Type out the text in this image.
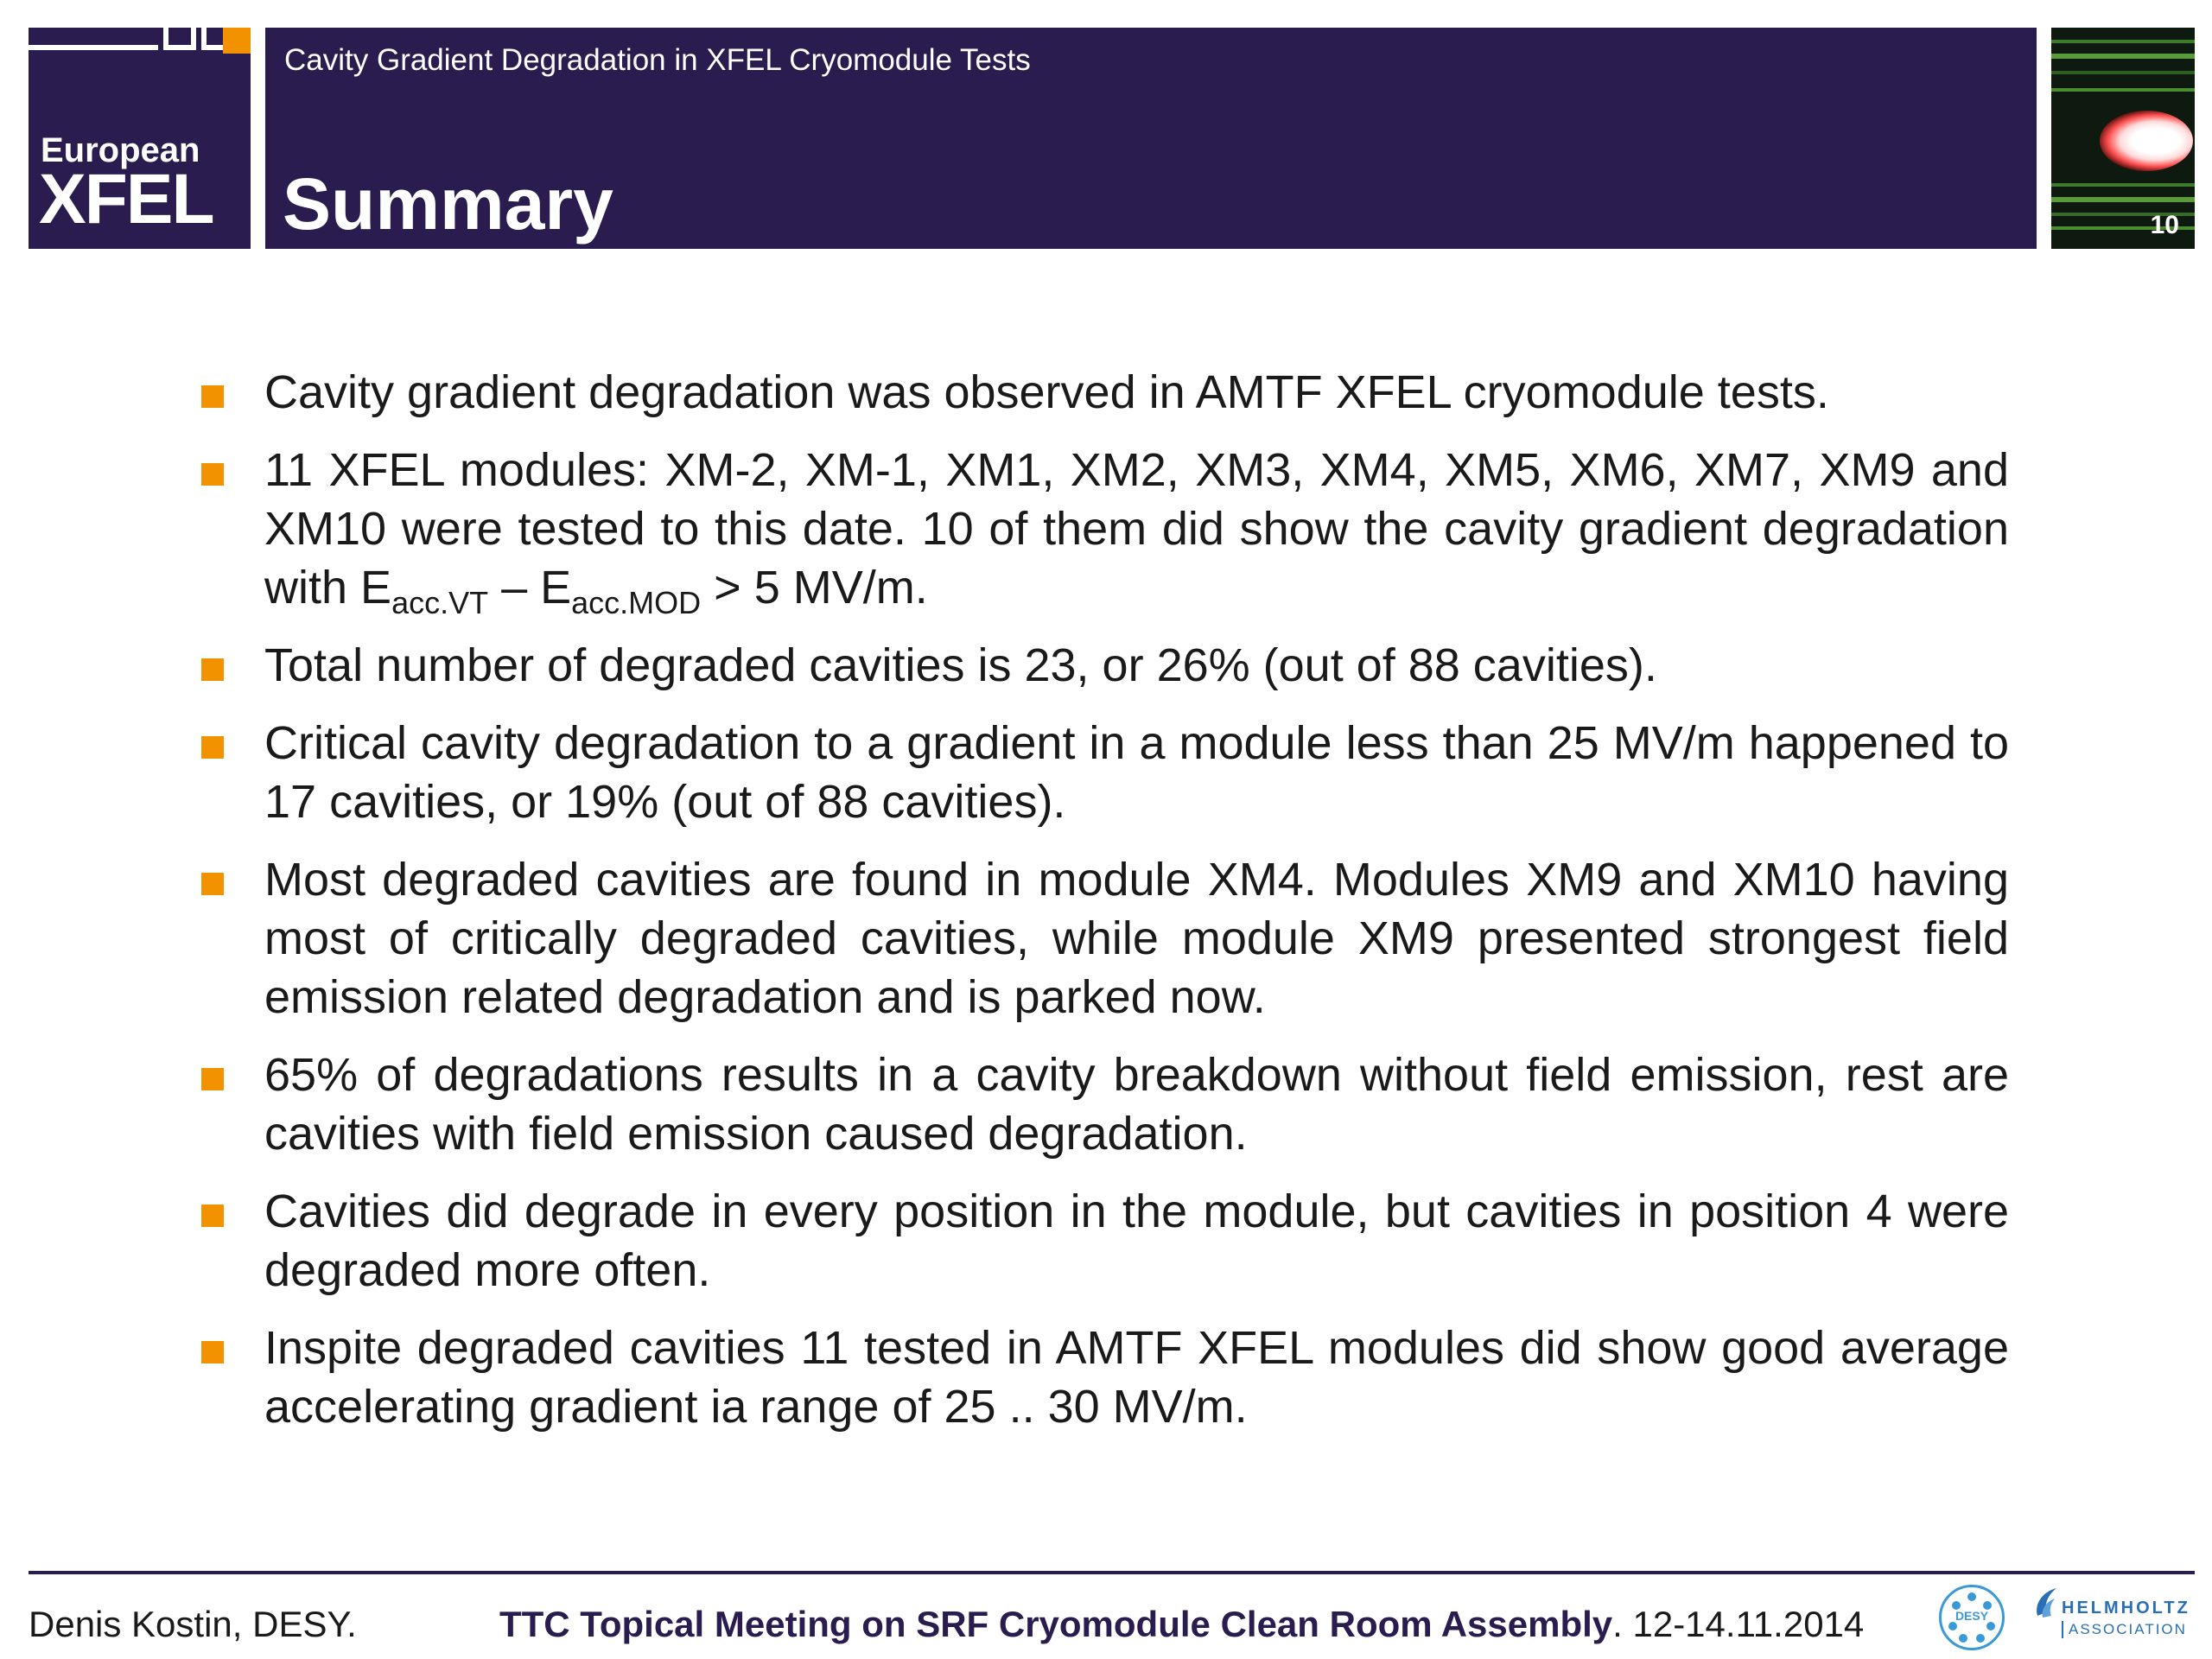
European
XFEL
Cavity Gradient Degradation in XFEL Cryomodule Tests
Summary	10
Cavity gradient degradation was observed in AMTF XFEL cryomodule tests.
11 XFEL modules: XM-2, XM-1, XM1, XM2, XM3, XM4, XM5, XM6, XM7, XM9 and XM10 were tested to this date. 10 of them did show the cavity gradient degradation with $E_{acc.VT} - E_{acc.MOD} > 5$ MV/m.
Total number of degraded cavities is 23, or 26% (out of 88 cavities).
Critical cavity degradation to a gradient in a module less than 25 MV/m happened to 17 cavities, or 19% (out of 88 cavities).
Most degraded cavities are found in module XM4. Modules XM9 and XM10 having most of critically degraded cavities, while module XM9 presented strongest field emission related degradation and is parked now.
65% of degradations results in a cavity breakdown without field emission, rest are cavities with field emission caused degradation.
Cavities did degrade in every position in the module, but cavities in position 4 were degraded more often.
Inspite degraded cavities 11 tested in AMTF XFEL modules did show good average accelerating gradient ia range of 25 .. 30 MV/m.
Denis Kostin, DESY.	TTC Topical Meeting on SRF Cryomodule Clean Room Assembly. 12-14.11.2014	DESY	HELMHOLTZ
ASSOCIATION
